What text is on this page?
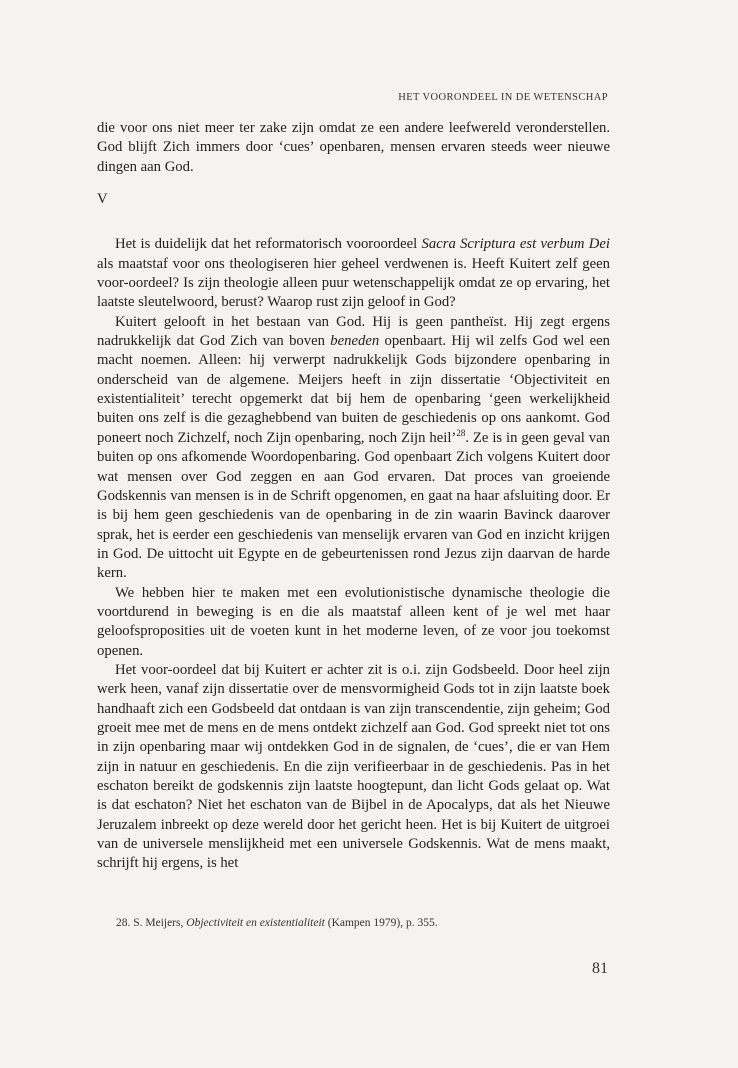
HET VOORONDEEL IN DE WETENSCHAP

die voor ons niet meer ter zake zijn omdat ze een andere leefwereld veronderstellen. God blijft Zich immers door ‘cues’ openbaren, mensen ervaren steeds weer nieuwe dingen aan God.

V

Het is duidelijk dat het reformatorisch vooroordeel Sacra Scriptura est verbum Dei als maatstaf voor ons theologiseren hier geheel verdwenen is. Heeft Kuitert zelf geen voor-oordeel? Is zijn theologie alleen puur wetenschappelijk omdat ze op ervaring, het laatste sleutelwoord, berust? Waarop rust zijn geloof in God?

Kuitert gelooft in het bestaan van God. Hij is geen pantheïst. Hij zegt ergens nadrukkelijk dat God Zich van boven beneden openbaart. Hij wil zelfs God wel een macht noemen. Alleen: hij verwerpt nadrukkelijk Gods bijzondere openbaring in onderscheid van de algemene. Meijers heeft in zijn dissertatie ‘Objectiviteit en existentialiteit’ terecht opgemerkt dat bij hem de openbaring ‘geen werkelijkheid buiten ons zelf is die gezaghebbend van buiten de geschiedenis op ons aankomt. God poneert noch Zichzelf, noch Zijn openbaring, noch Zijn heil’$^{28}$. Ze is in geen geval van buiten op ons afkomende Woordopenbaring. God openbaart Zich volgens Kuitert door wat mensen over God zeggen en aan God ervaren. Dat proces van groeiende Godskennis van mensen is in de Schrift opgenomen, en gaat na haar afsluiting door. Er is bij hem geen geschiedenis van de openbaring in de zin waarin Bavinck daarover sprak, het is eerder een geschiedenis van menselijk ervaren van God en inzicht krijgen in God. De uittocht uit Egypte en de gebeurtenissen rond Jezus zijn daarvan de harde kern.

We hebben hier te maken met een evolutionistische dynamische theologie die voortdurend in beweging is en die als maatstaf alleen kent of je wel met haar geloofsproposities uit de voeten kunt in het moderne leven, of ze voor jou toekomst openen.

Het voor-oordeel dat bij Kuitert er achter zit is o.i. zijn Godsbeeld. Door heel zijn werk heen, vanaf zijn dissertatie over de mensvormigheid Gods tot in zijn laatste boek handhaaft zich een Godsbeeld dat ontdaan is van zijn transcendentie, zijn geheim; God groeit mee met de mens en de mens ontdekt zichzelf aan God. God spreekt niet tot ons in zijn openbaring maar wij ontdekken God in de signalen, de ‘cues’, die er van Hem zijn in natuur en geschiedenis. En die zijn verifieerbaar in de geschiedenis. Pas in het eschaton bereikt de godskennis zijn laatste hoogtepunt, dan licht Gods gelaat op. Wat is dat eschaton? Niet het eschaton van de Bijbel in de Apocalyps, dat als het Nieuwe Jeruzalem inbreekt op deze wereld door het gericht heen. Het is bij Kuitert de uitgroei van de universele menslijkheid met een universele Godskennis. Wat de mens maakt, schrijft hij ergens, is het

28. S. Meijers, Objectiviteit en existentialiteit (Kampen 1979), p. 355.
81
